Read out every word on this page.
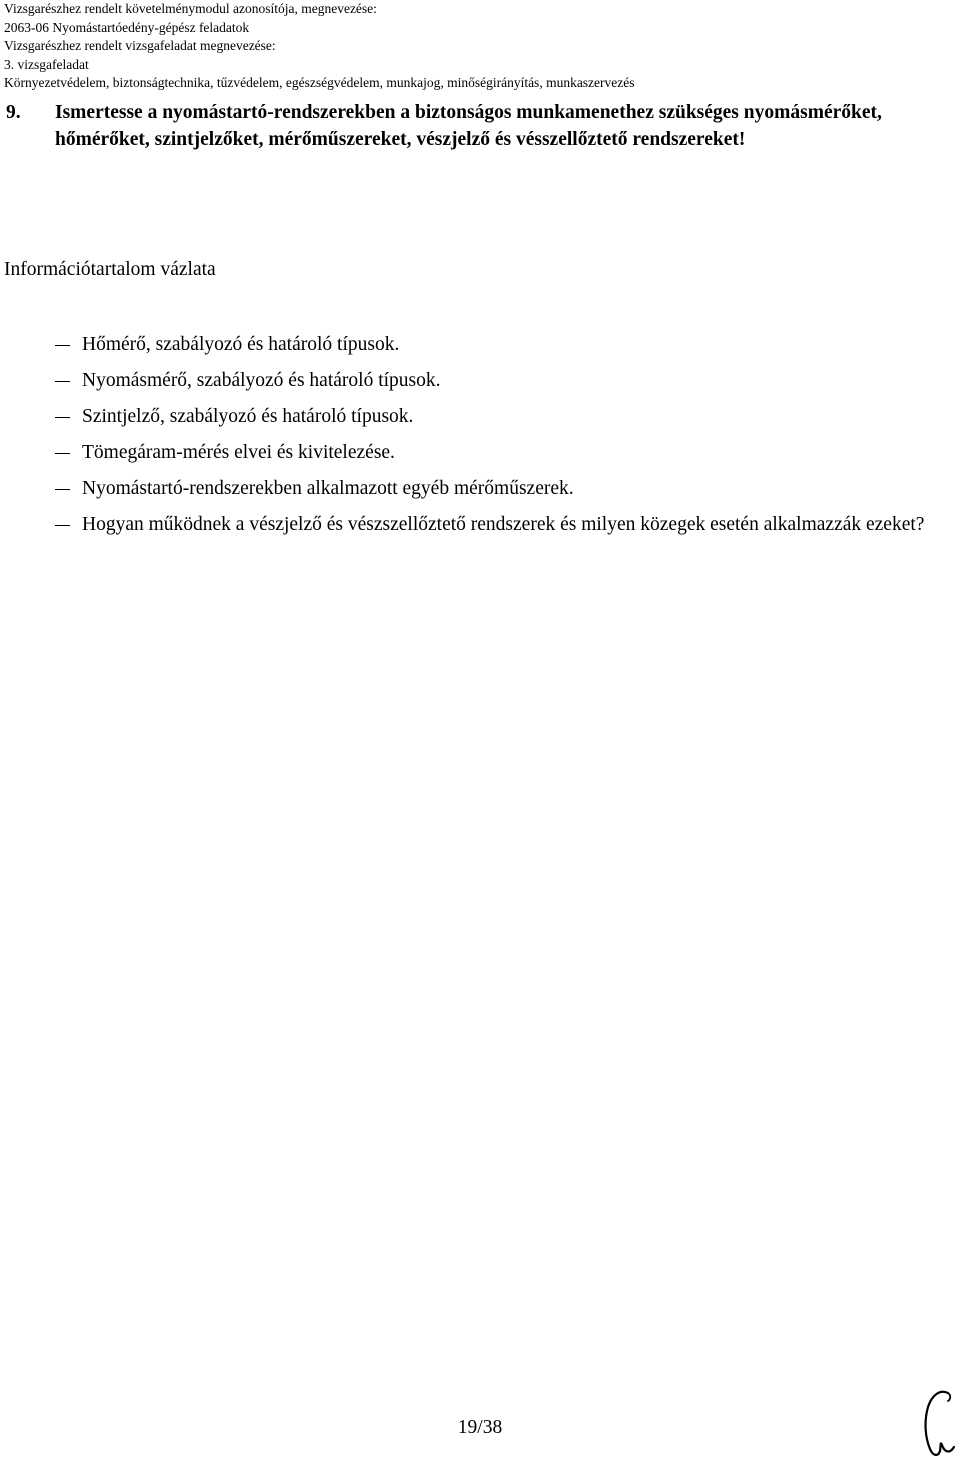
Vizsgarészhez rendelt követelménymodul azonosítója, megnevezése:
2063-06 Nyomástartóedény-gépész feladatok
Vizsgarészhez rendelt vizsgafeladat megnevezése:
3. vizsgafeladat
Környezetvédelem, biztonságtechnika, tűzvédelem, egészségvédelem, munkajog, minőségirányítás, munkaszervezés
9. Ismertesse a nyomástartó-rendszerekben a biztonságos munkamenethez szükséges nyomásmérőket, hőmérőket, szintjelzőket, mérőműszereket, vészjelző és vésszellőztető rendszereket!
Információtartalom vázlata
Hőmérő, szabályozó és határoló típusok.
Nyomásmérő, szabályozó és határoló típusok.
Szintjelző, szabályozó és határoló típusok.
Tömegáram-mérés elvei és kivitelezése.
Nyomástartó-rendszerekben alkalmazott egyéb mérőműszerek.
Hogyan működnek a vészjelző és vészszellőztető rendszerek és milyen közegek esetén alkalmazzák ezeket?
19/38
